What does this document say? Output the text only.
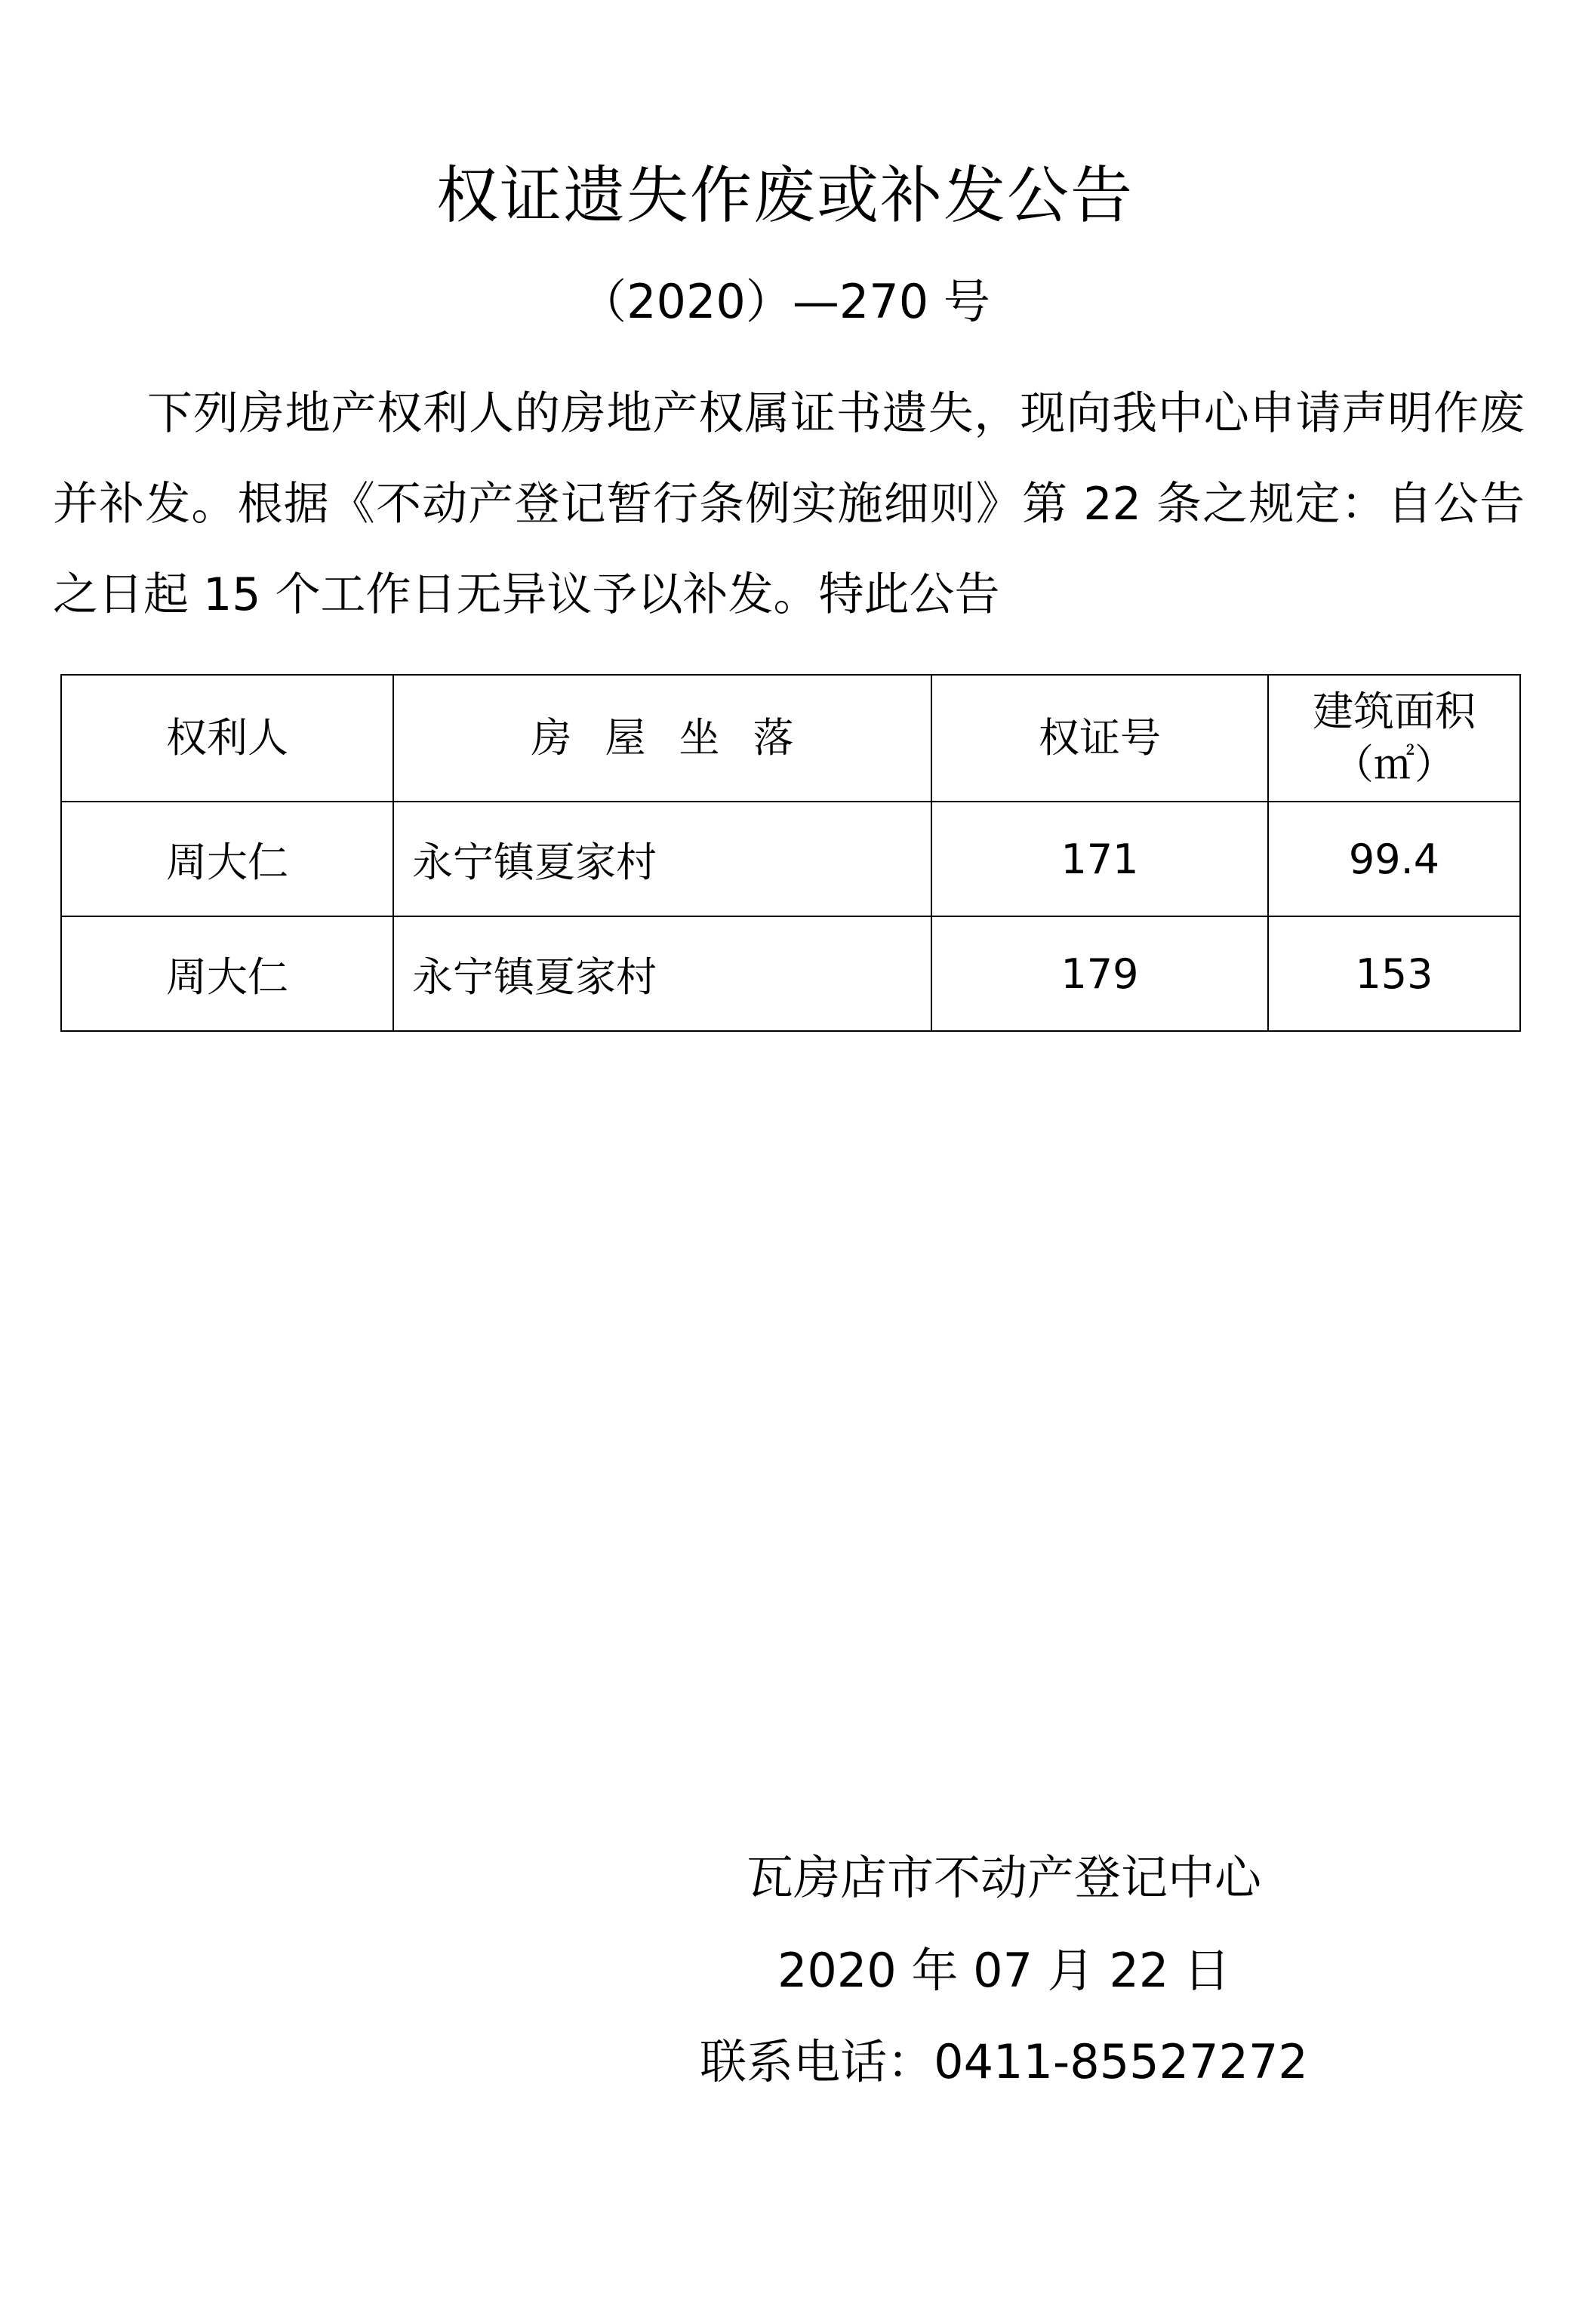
权证遗失作废或补发公告
（2020）—270 号

下列房地产权利人的房地产权属证书遗失，现向我中心申请声明作废并补发。根据《不动产登记暂行条例实施细则》第 22 条之规定：自公告之日起 15 个工作日无异议予以补发。特此公告

权利人	房屋坐落	权证号	建筑面积
（㎡）

周大仁	永宁镇夏家村	171	99.4
周大仁	永宁镇夏家村	179	153
瓦房店市不动产登记中心
2020 年 07 月 22 日
联系电话：0411-85527272
